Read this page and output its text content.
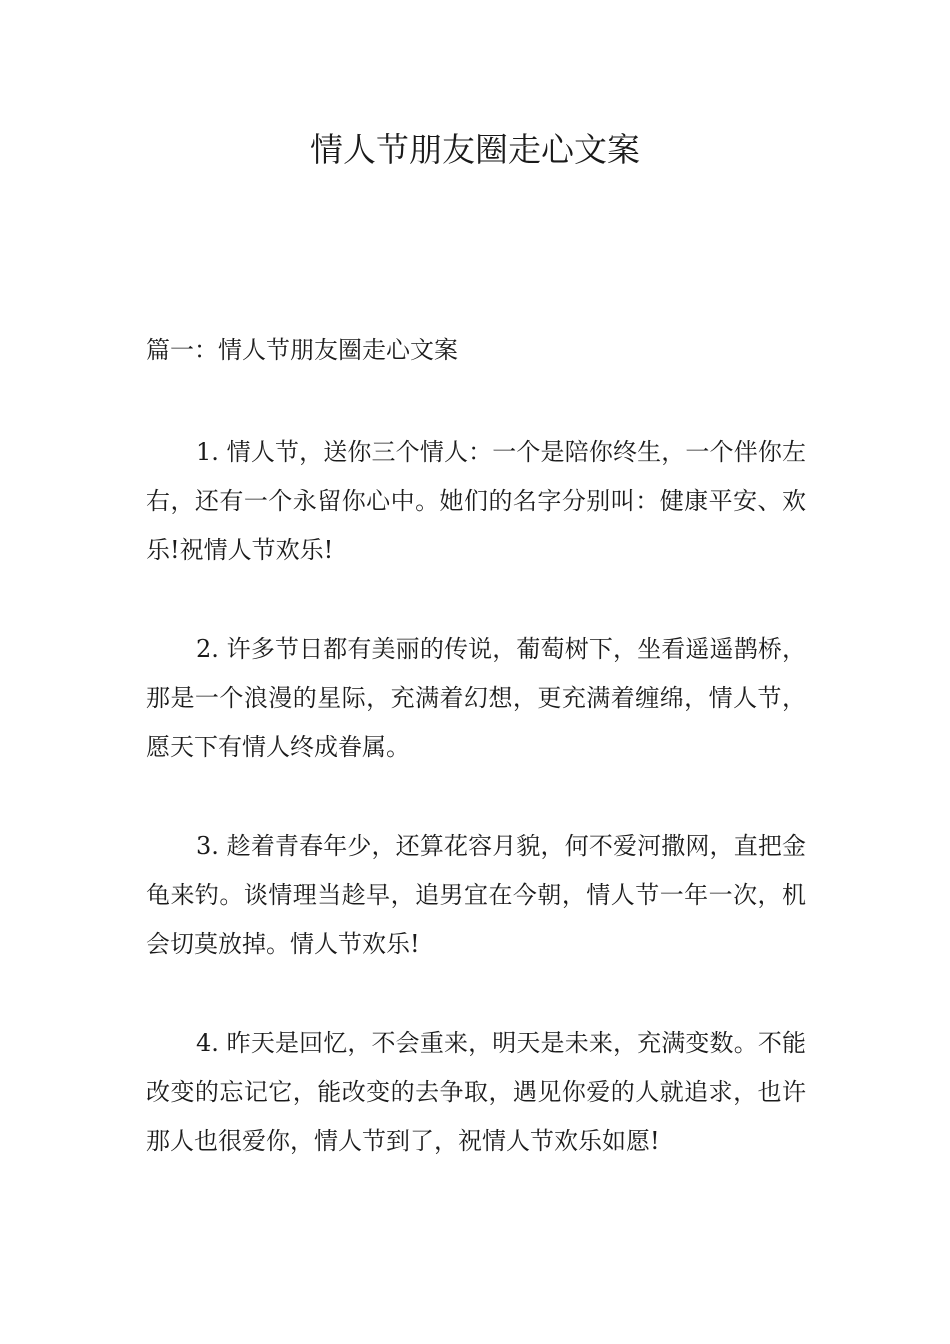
情人节朋友圈走心文案

篇一：情人节朋友圈走心文案

1. 情人节，送你三个情人：一个是陪你终生，一个伴你左右，还有一个永留你心中。她们的名字分别叫：健康平安、欢乐!祝情人节欢乐!

2. 许多节日都有美丽的传说，葡萄树下，坐看遥遥鹊桥，那是一个浪漫的星际，充满着幻想，更充满着缠绵，情人节，愿天下有情人终成眷属。

3. 趁着青春年少，还算花容月貌，何不爱河撒网，直把金龟来钓。谈情理当趁早，追男宜在今朝，情人节一年一次，机会切莫放掉。情人节欢乐!

4. 昨天是回忆，不会重来，明天是未来，充满变数。不能改变的忘记它，能改变的去争取，遇见你爱的人就追求，也许那人也很爱你，情人节到了，祝情人节欢乐如愿!
